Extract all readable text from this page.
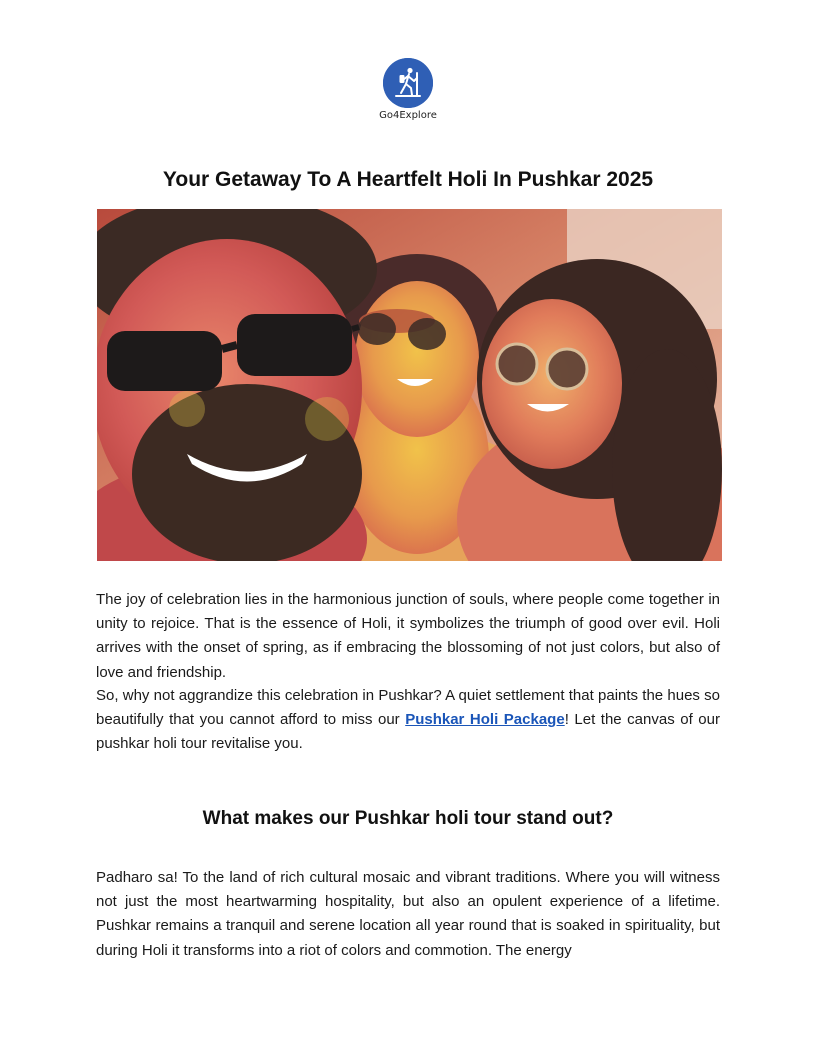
Go4Explore
Your Getaway To A Heartfelt Holi In Pushkar 2025

The joy of celebration lies in the harmonious junction of souls, where people come together in unity to rejoice. That is the essence of Holi, it symbolizes the triumph of good over evil. Holi arrives with the onset of spring, as if embracing the blossoming of not just colors, but also of love and friendship.

So, why not aggrandize this celebration in Pushkar? A quiet settlement that paints the hues so beautifully that you cannot afford to miss our Pushkar Holi Package! Let the canvas of our pushkar holi tour revitalise you.

What makes our Pushkar holi tour stand out?

Padharo sa! To the land of rich cultural mosaic and vibrant traditions. Where you will witness not just the most heartwarming hospitality, but also an opulent experience of a lifetime. Pushkar remains a tranquil and serene location all year round that is soaked in spirituality, but during Holi it transforms into a riot of colors and commotion. The energy
